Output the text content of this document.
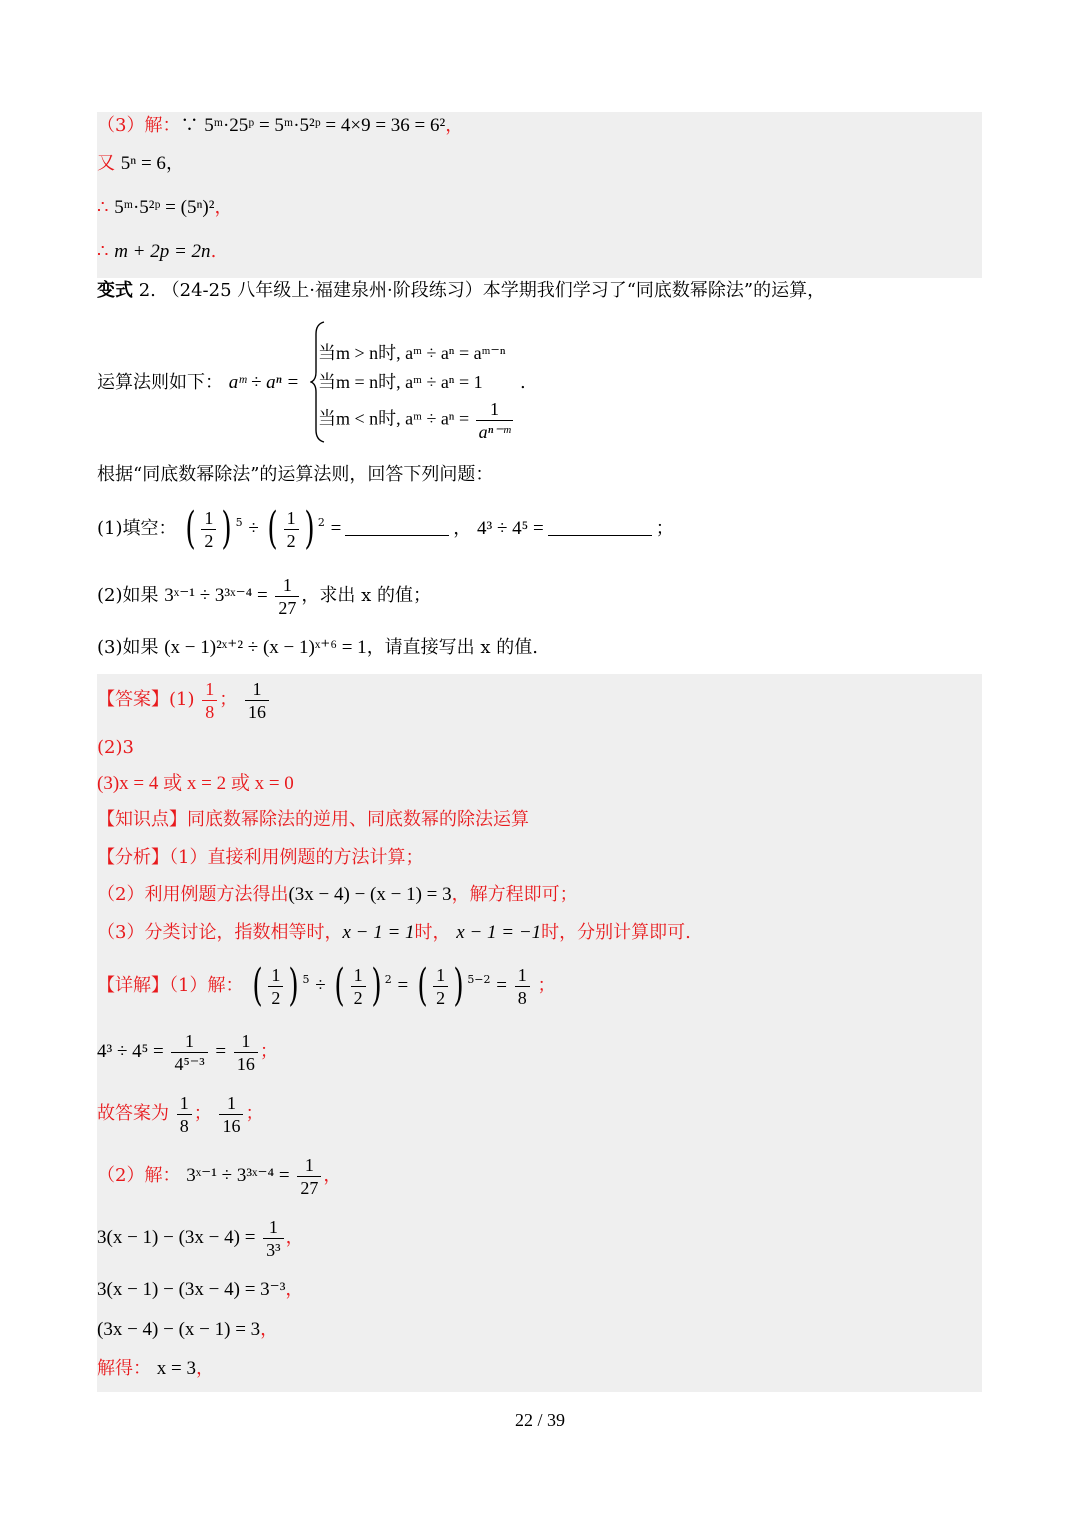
（3）解：∵ 5ᵐ·25ᵖ = 5ᵐ·5²ᵖ = 4×9 = 36 = 6²，
又 5ⁿ = 6，
∴ 5ᵐ·5²ᵖ = (5ⁿ)²，
∴ m + 2p = 2n.
变式 2. （24-25 八年级上·福建泉州·阶段练习）本学期我们学习了“同底数幂除法”的运算，
运算法则如下： aᵐ ÷ aⁿ =
当m > n时, aᵐ ÷ aⁿ = aᵐ⁻ⁿ
当m = n时, aᵐ ÷ aⁿ = 1
当m < n时, aᵐ ÷ $a^n = \frac{1}{\text{aⁿ⁻ᵐ}}$
.
根据“同底数幂除法”的运算法则，回答下列问题：
(1)填空： ( $\frac{1}{2}$ ) $^5$ ÷ ( $\frac{1}{2}$ ) $^2$ =	， 4³ ÷ 4⁵ =	；
(2)如果 3ˣ⁻¹ ÷ 3³ˣ⁻⁴ = $\frac{1}{27}$ ，求出 x 的值；
(3)如果 (x − 1)²ˣ⁺² ÷ (x − 1)ˣ⁺⁶ = 1，请直接写出 x 的值.
【答案】$(1) \frac{1}{8}$ ； $\frac{1}{16}$
(2)3
(3)x = 4 或 x = 2 或 x = 0
【知识点】同底数幂除法的逆用、同底数幂的除法运算
【分析】（1）直接利用例题的方法计算；
（2）利用例题方法得出(3x − 4) − (x − 1) = 3，解方程即可；
（3）分类讨论，指数相等时，x − 1 = 1时， x − 1 = −1时，分别计算即可.
【详解】（1）解： ( $\frac{1}{2}$ ) $^5$ ÷ ( $\frac{1}{2}$ ) $^2$ = ( $\frac{1}{2}$ ) $^{5-2} = \frac{1}{8}$ ；
$4^3 \div 4^5 = \frac{1}{\text{4⁵⁻³}} = \frac{1}{16}$ ；
故答案为 $\frac{1}{8}$ ； $\frac{1}{16}$ ；
（2）解： 3ˣ⁻¹ ÷ 3³ˣ⁻⁴ = $\frac{1}{27}$ ，
$3(x - 1) - (3x - 4) = \frac{1}{\text{3³}}$ ，
3(x − 1) − (3x − 4) = 3⁻³，
(3x − 4) − (x − 1) = 3，
解得： x = 3，
22 / 39
